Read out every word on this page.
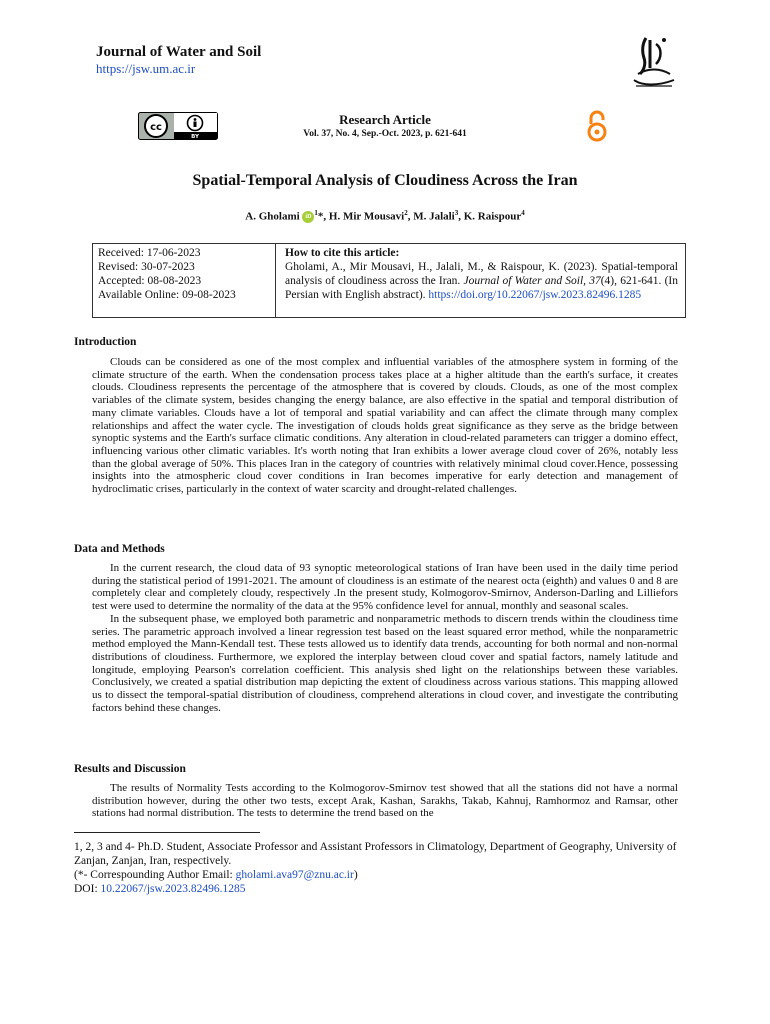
Journal of Water and Soil
https://jsw.um.ac.ir
cc
BY
Research Article
Vol. 37, No. 4, Sep.-Oct. 2023, p. 621-641
Spatial-Temporal Analysis of Cloudiness Across the Iran
A. Gholami $iD^1*$, H. Mir Mousavi$^2$, M. Jalali$^3$, K. Raispour$^4$
Received: 17-06-2023
Revised: 30-07-2023
Accepted: 08-08-2023
Available Online: 09-08-2023
How to cite this article:
Gholami, A., Mir Mousavi, H., Jalali, M., & Raispour, K. (2023). Spatial-temporal analysis of cloudiness across the Iran. Journal of Water and Soil, 37(4), 621-641. (In Persian with English abstract). https://doi.org/10.22067/jsw.2023.82496.1285
Introduction

Clouds can be considered as one of the most complex and influential variables of the atmosphere system in forming of the climate structure of the earth. When the condensation process takes place at a higher altitude than the earth's surface, it creates clouds. Cloudiness represents the percentage of the atmosphere that is covered by clouds. Clouds, as one of the most complex variables of the climate system, besides changing the energy balance, are also effective in the spatial and temporal distribution of many climate variables. Clouds have a lot of temporal and spatial variability and can affect the climate through many complex relationships and affect the water cycle. The investigation of clouds holds great significance as they serve as the bridge between synoptic systems and the Earth's surface climatic conditions. Any alteration in cloud-related parameters can trigger a domino effect, influencing various other climatic variables. It's worth noting that Iran exhibits a lower average cloud cover of 26%, notably less than the global average of 50%. This places Iran in the category of countries with relatively minimal cloud cover.Hence, possessing insights into the atmospheric cloud cover conditions in Iran becomes imperative for early detection and management of hydroclimatic crises, particularly in the context of water scarcity and drought-related challenges.

Data and Methods

In the current research, the cloud data of 93 synoptic meteorological stations of Iran have been used in the daily time period during the statistical period of 1991-2021. The amount of cloudiness is an estimate of the nearest octa (eighth) and values 0 and 8 are completely clear and completely cloudy, respectively .In the present study, Kolmogorov-Smirnov, Anderson-Darling and Lilliefors test were used to determine the normality of the data at the 95% confidence level for annual, monthly and seasonal scales.

In the subsequent phase, we employed both parametric and nonparametric methods to discern trends within the cloudiness time series. The parametric approach involved a linear regression test based on the least squared error method, while the nonparametric method employed the Mann-Kendall test. These tests allowed us to identify data trends, accounting for both normal and non-normal distributions of cloudiness. Furthermore, we explored the interplay between cloud cover and spatial factors, namely latitude and longitude, employing Pearson's correlation coefficient. This analysis shed light on the relationships between these variables. Conclusively, we created a spatial distribution map depicting the extent of cloudiness across various stations. This mapping allowed us to dissect the temporal-spatial distribution of cloudiness, comprehend alterations in cloud cover, and investigate the contributing factors behind these changes.

Results and Discussion

The results of Normality Tests according to the Kolmogorov-Smirnov test showed that all the stations did not have a normal distribution however, during the other two tests, except Arak, Kashan, Sarakhs, Takab, Kahnuj, Ramhormoz and Ramsar, other stations had normal distribution. The tests to determine the trend based on the

1, 2, 3 and 4- Ph.D. Student, Associate Professor and Assistant Professors in Climatology, Department of Geography, University of Zanjan, Zanjan, Iran, respectively.
(*- Correspounding Author Email: gholami.ava97@znu.ac.ir)
DOI: 10.22067/jsw.2023.82496.1285
